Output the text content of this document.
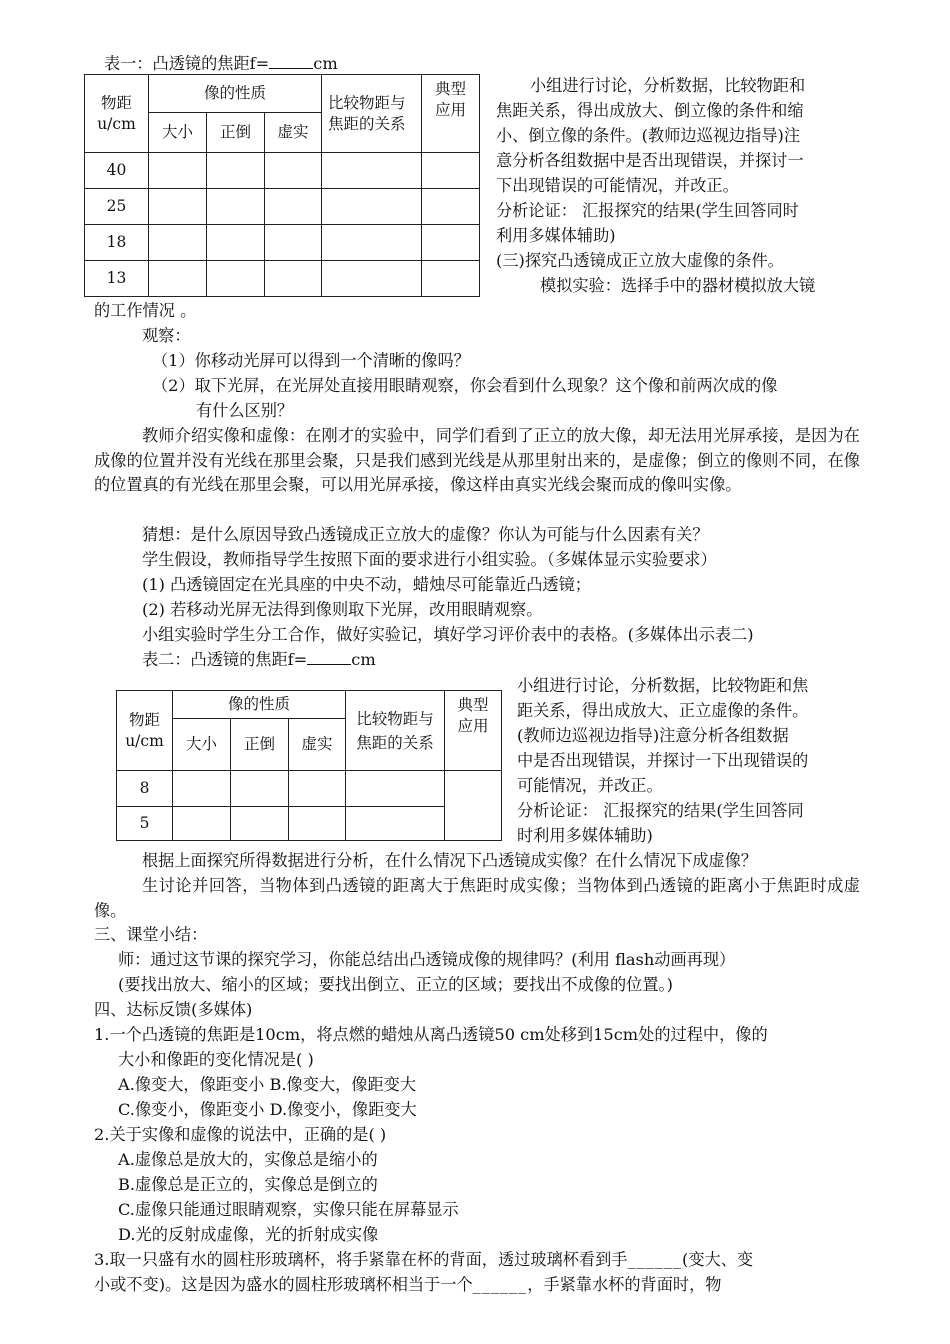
表一：凸透镜的焦距f=	cm
物距u/cm	像的性质			比较物距与焦距的关系	典型应用
	大小	正倒	虚实		
40					
25					
18					
13					
小组进行讨论，分析数据，比较物距和
焦距关系，得出成放大、倒立像的条件和缩
小、倒立像的条件。(教师边巡视边指导)注
意分析各组数据中是否出现错误，并探讨一
下出现错误的可能情况，并改正。
分析论证： 汇报探究的结果(学生回答同时
利用多媒体辅助)
(三)探究凸透镜成正立放大虚像的条件。
模拟实验：选择手中的器材模拟放大镜
的工作情况 。
观察：
（1）你移动光屏可以得到一个清晰的像吗？
（2）取下光屏，在光屏处直接用眼睛观察，你会看到什么现象？这个像和前两次成的像
有什么区别？
教师介绍实像和虚像：在刚才的实验中，同学们看到了正立的放大像，却无法用光屏承接，是因为在成像的位置并没有光线在那里会聚，只是我们感到光线是从那里射出来的，是虚像；倒立的像则不同，在像的位置真的有光线在那里会聚，可以用光屏承接，像这样由真实光线会聚而成的像叫实像。
猜想：是什么原因导致凸透镜成正立放大的虚像？你认为可能与什么因素有关？
学生假设，教师指导学生按照下面的要求进行小组实验。（多媒体显示实验要求）
(1) 凸透镜固定在光具座的中央不动，蜡烛尽可能靠近凸透镜；
(2) 若移动光屏无法得到像则取下光屏，改用眼睛观察。
小组实验时学生分工合作，做好实验记，填好学习评价表中的表格。(多媒体出示表二)
表二：凸透镜的焦距f=	cm
物距u/cm	像的性质			比较物距与焦距的关系	典型应用
	大小	正倒	虚实		
8					
5					
小组进行讨论，分析数据，比较物距和焦
距关系，得出成放大、正立虚像的条件。
(教师边巡视边指导)注意分析各组数据
中是否出现错误，并探讨一下出现错误的
可能情况，并改正。
分析论证： 汇报探究的结果(学生回答同
时利用多媒体辅助)
根据上面探究所得数据进行分析，在什么情况下凸透镜成实像？在什么情况下成虚像？
生讨论并回答，当物体到凸透镜的距离大于焦距时成实像；当物体到凸透镜的距离小于焦距时成虚像。
三、课堂小结：
师：通过这节课的探究学习，你能总结出凸透镜成像的规律吗？(利用 flash动画再现）
(要找出放大、缩小的区域；要找出倒立、正立的区域；要找出不成像的位置。)
四、达标反馈(多媒体)
1.一个凸透镜的焦距是10cm，将点燃的蜡烛从离凸透镜50 cm处移到15cm处的过程中，像的
大小和像距的变化情况是( )
A.像变大，像距变小 B.像变大，像距变大
C.像变小，像距变小 D.像变小，像距变大
2.关于实像和虚像的说法中，正确的是( )
A.虚像总是放大的，实像总是缩小的
B.虚像总是正立的，实像总是倒立的
C.虚像只能通过眼睛观察，实像只能在屏幕显示
D.光的反射成虚像，光的折射成实像
3.取一只盛有水的圆柱形玻璃杯，将手紧靠在杯的背面，透过玻璃杯看到手______(变大、变
小或不变)。这是因为盛水的圆柱形玻璃杯相当于一个______，手紧靠水杯的背面时，物
